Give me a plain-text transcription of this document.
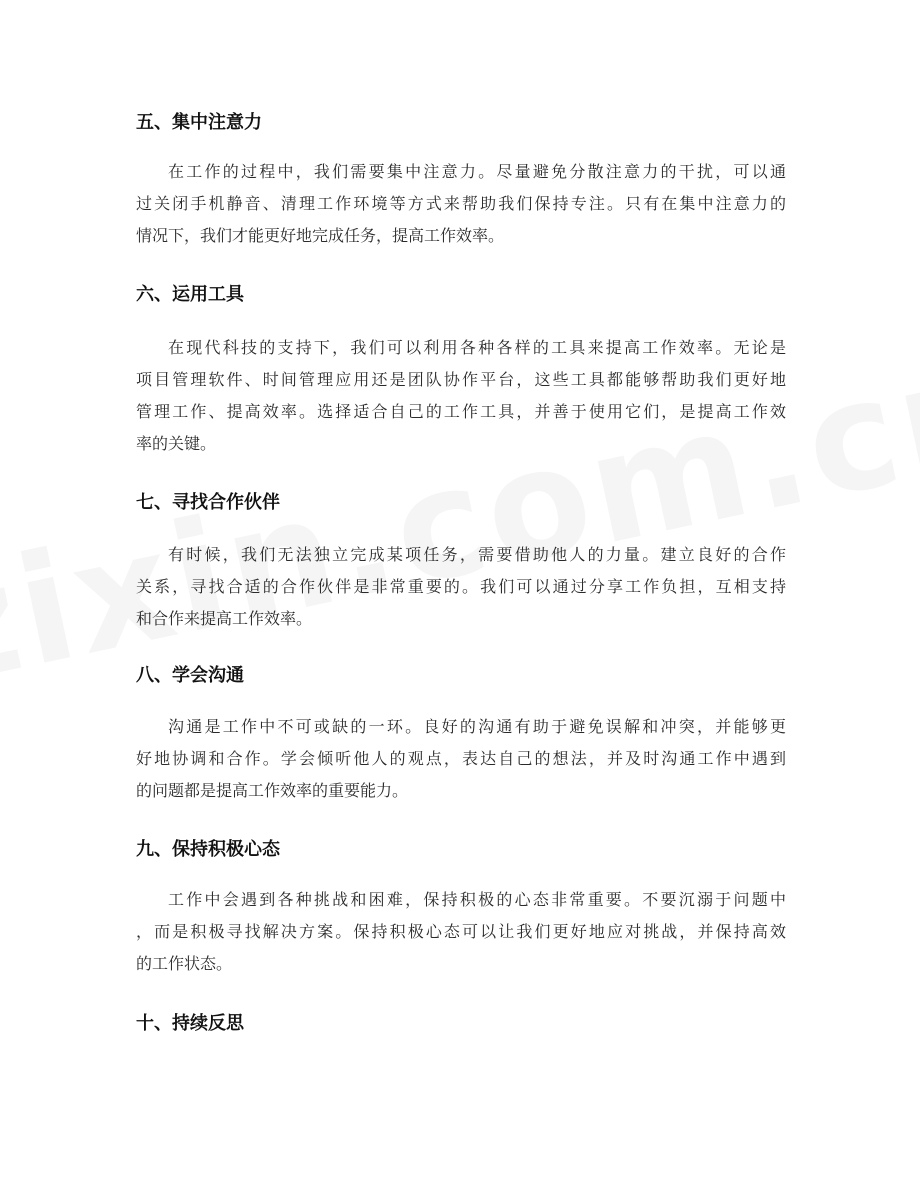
五、集中注意力
在工作的过程中，我们需要集中注意力。尽量避免分散注意力的干扰，可以通
过关闭手机静音、清理工作环境等方式来帮助我们保持专注。只有在集中注意力的
情况下，我们才能更好地完成任务，提高工作效率。
六、运用工具
在现代科技的支持下，我们可以利用各种各样的工具来提高工作效率。无论是
项目管理软件、时间管理应用还是团队协作平台，这些工具都能够帮助我们更好地
管理工作、提高效率。选择适合自己的工作工具，并善于使用它们，是提高工作效
率的关键。
七、寻找合作伙伴
有时候，我们无法独立完成某项任务，需要借助他人的力量。建立良好的合作
关系，寻找合适的合作伙伴是非常重要的。我们可以通过分享工作负担，互相支持
和合作来提高工作效率。
八、学会沟通
沟通是工作中不可或缺的一环。良好的沟通有助于避免误解和冲突，并能够更
好地协调和合作。学会倾听他人的观点，表达自己的想法，并及时沟通工作中遇到
的问题都是提高工作效率的重要能力。
九、保持积极心态
工作中会遇到各种挑战和困难，保持积极的心态非常重要。不要沉溺于问题中
，而是积极寻找解决方案。保持积极心态可以让我们更好地应对挑战，并保持高效
的工作状态。
十、持续反思
